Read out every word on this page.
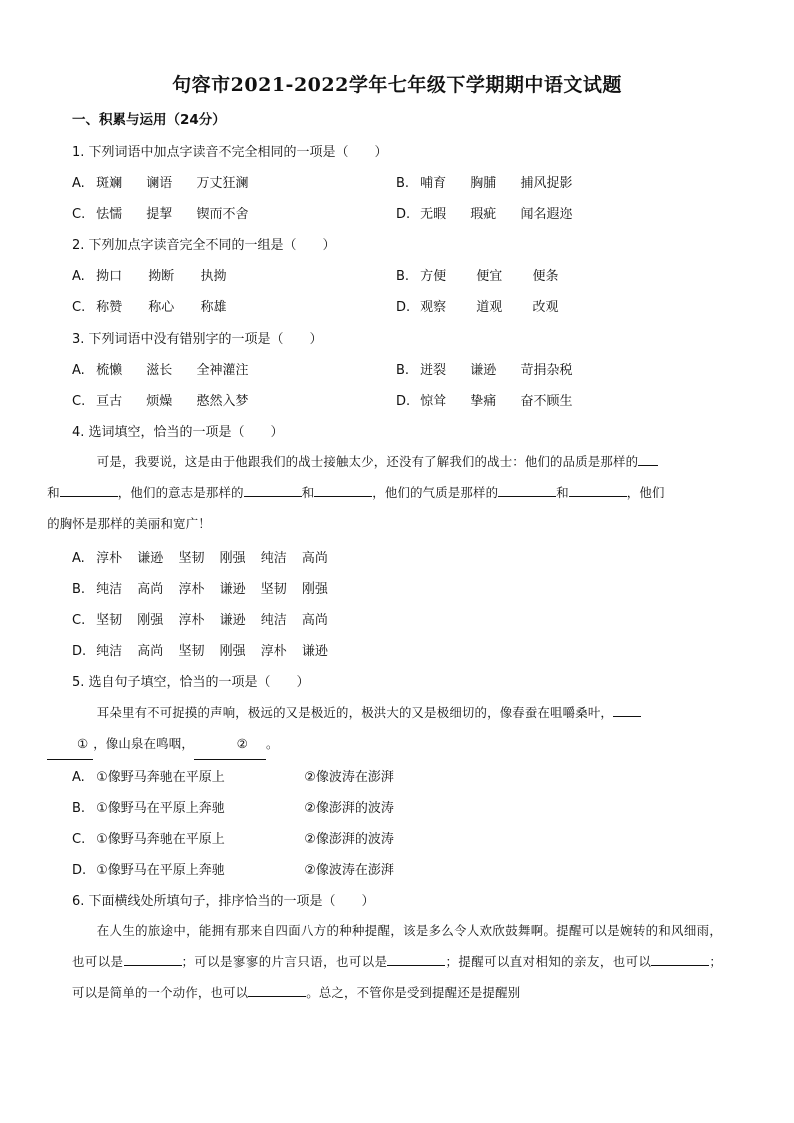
句容市2021-2022学年七年级下学期期中语文试题
一、积累与运用（24分）
1. 下列词语中加点字读音不完全相同的一项是（　　）
A. 斑斓 谰语 万丈狂澜	B. 哺育 胸脯 捕风捉影
C. 怯懦 提挈 锲而不舍	D. 无暇 瑕疵 闻名遐迩
2. 下列加点字读音完全不同的一组是（　　）
A. 拗口 拗断 执拗	B. 方便 便宜 便条
C. 称赞 称心 称雄	D. 观察 道观 改观
3. 下列词语中没有错别字的一项是（　　）
A. 梳懒 滋长 全神灌注	B. 迸裂 谦逊 苛捐杂税
C. 亘古 烦燥 憨然入梦	D. 惊耸 挚痛 奋不顾生
4. 选词填空，恰当的一项是（　　）
可是，我要说，这是由于他跟我们的战士接触太少，还没有了解我们的战士：他们的品质是那样的
和	，他们的意志是那样的	和	，他们的气质是那样的	和	，他们
的胸怀是那样的美丽和宽广！
A. 淳朴 谦逊 坚韧 刚强 纯洁 高尚
B. 纯洁 高尚 淳朴 谦逊 坚韧 刚强
C. 坚韧 刚强 淳朴 谦逊 纯洁 高尚
D. 纯洁 高尚 坚韧 刚强 淳朴 谦逊
5. 选自句子填空，恰当的一项是（　　）
耳朵里有不可捉摸的声响，极远的又是极近的，极洪大的又是极细切的，像春蚕在咀嚼桑叶，
① ，像山泉在鸣咽，	② 。
A. ①像野马奔驰在平原上	②像波涛在澎湃
B. ①像野马在平原上奔驰	②像澎湃的波涛
C. ①像野马奔驰在平原上	②像澎湃的波涛
D. ①像野马在平原上奔驰	②像波涛在澎湃
6. 下面横线处所填句子，排序恰当的一项是（　　）
在人生的旅途中，能拥有那来自四面八方的种种提醒，该是多么令人欢欣鼓舞啊。提醒可以是婉转的和风细雨，也可以是	；可以是寥寥的片言只语，也可以是	；提醒可以直对相知的亲友，也可以	；可以是简单的一个动作，也可以	。总之，不管你是受到提醒还是提醒别
